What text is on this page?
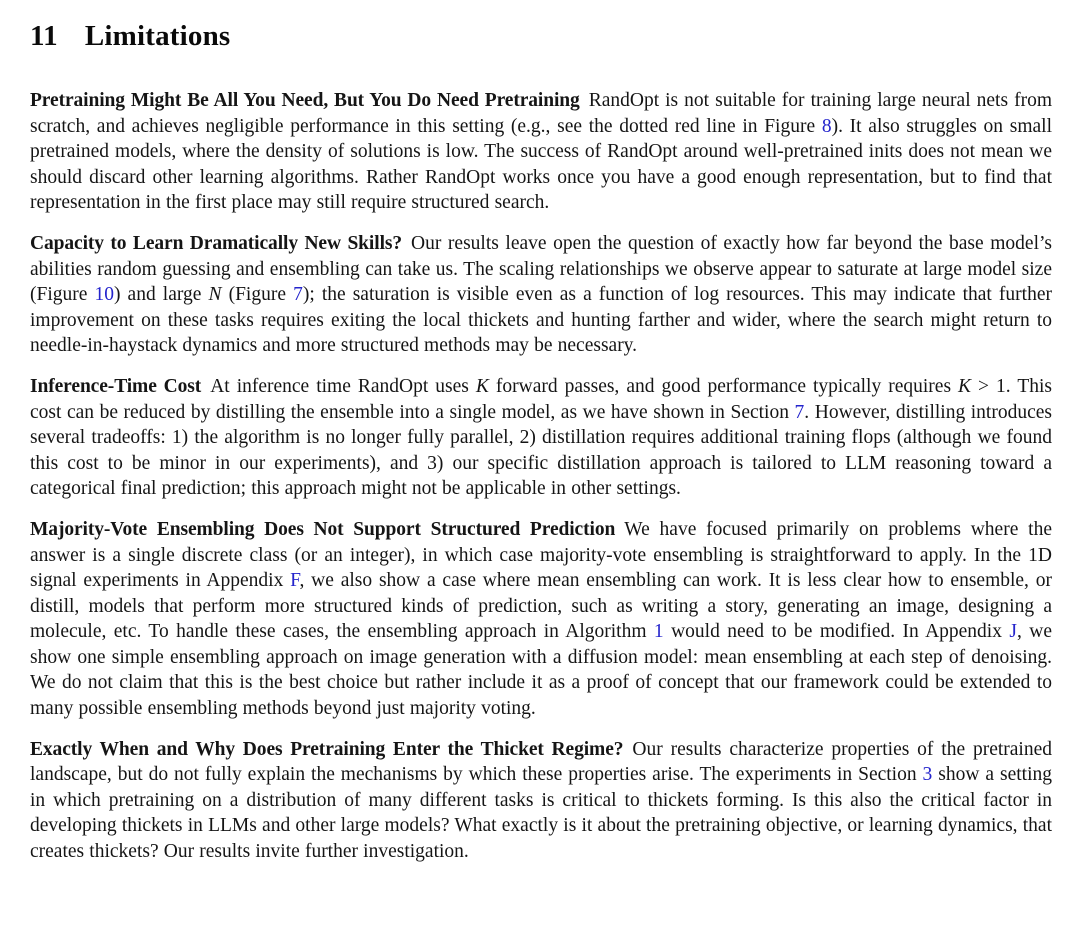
11 Limitations

Pretraining Might Be All You Need, But You Do Need Pretraining RandOpt is not suitable for training large neural nets from scratch, and achieves negligible performance in this setting (e.g., see the dotted red line in Figure 8). It also struggles on small pretrained models, where the density of solutions is low. The success of RandOpt around well-pretrained inits does not mean we should discard other learning algorithms. Rather RandOpt works once you have a good enough representation, but to find that representation in the first place may still require structured search.

Capacity to Learn Dramatically New Skills? Our results leave open the question of exactly how far beyond the base model’s abilities random guessing and ensembling can take us. The scaling relationships we observe appear to saturate at large model size (Figure 10) and large N (Figure 7); the saturation is visible even as a function of log resources. This may indicate that further improvement on these tasks requires exiting the local thickets and hunting farther and wider, where the search might return to needle-in-haystack dynamics and more structured methods may be necessary.

Inference-Time Cost At inference time RandOpt uses K forward passes, and good performance typically requires K > 1. This cost can be reduced by distilling the ensemble into a single model, as we have shown in Section 7. However, distilling introduces several tradeoffs: 1) the algorithm is no longer fully parallel, 2) distillation requires additional training flops (although we found this cost to be minor in our experiments), and 3) our specific distillation approach is tailored to LLM reasoning toward a categorical final prediction; this approach might not be applicable in other settings.

Majority-Vote Ensembling Does Not Support Structured Prediction We have focused primarily on problems where the answer is a single discrete class (or an integer), in which case majority-vote ensembling is straightforward to apply. In the 1D signal experiments in Appendix F, we also show a case where mean ensembling can work. It is less clear how to ensemble, or distill, models that perform more structured kinds of prediction, such as writing a story, generating an image, designing a molecule, etc. To handle these cases, the ensembling approach in Algorithm 1 would need to be modified. In Appendix J, we show one simple ensembling approach on image generation with a diffusion model: mean ensembling at each step of denoising. We do not claim that this is the best choice but rather include it as a proof of concept that our framework could be extended to many possible ensembling methods beyond just majority voting.

Exactly When and Why Does Pretraining Enter the Thicket Regime? Our results characterize properties of the pretrained landscape, but do not fully explain the mechanisms by which these properties arise. The experiments in Section 3 show a setting in which pretraining on a distribution of many different tasks is critical to thickets forming. Is this also the critical factor in developing thickets in LLMs and other large models? What exactly is it about the pretraining objective, or learning dynamics, that creates thickets? Our results invite further investigation.
